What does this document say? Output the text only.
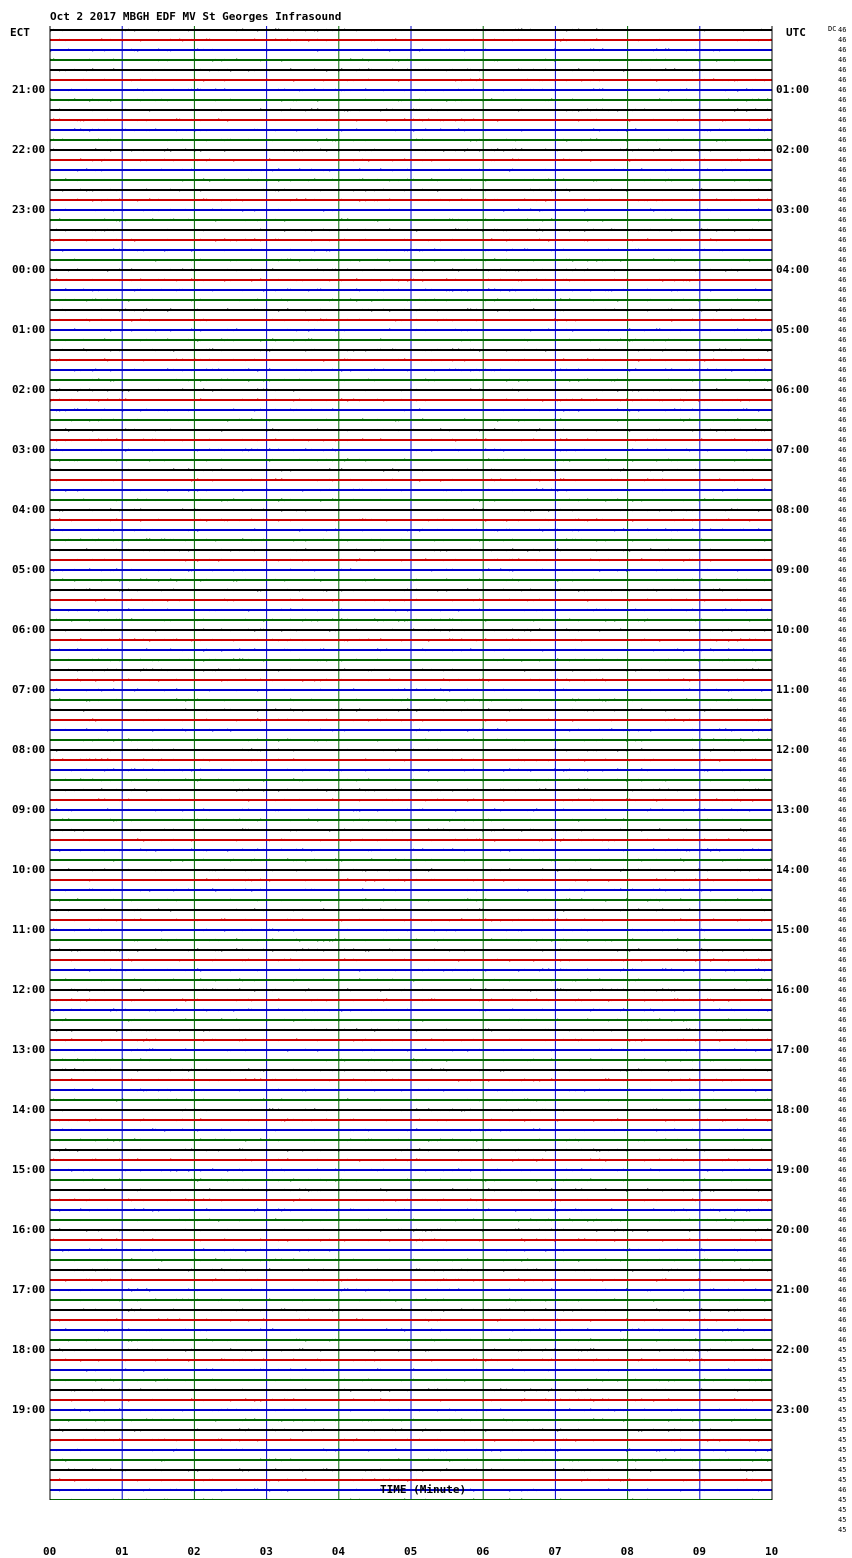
Oct 2 2017 MBGH EDF MV St Georges Infrasound
ECT	UTC	DC
TIME (Minute)
00	01	02	03	04	05	06	07	08	09	10
21:00
22:00
23:00
00:00
01:00
02:00
03:00
04:00
05:00
06:00
07:00
08:00
09:00
10:00
11:00
12:00
13:00
14:00
15:00
16:00
17:00
18:00
19:00
01:00
02:00
03:00
04:00
05:00
06:00
07:00
08:00
09:00
10:00
11:00
12:00
13:00
14:00
15:00
16:00
17:00
18:00
19:00
20:00
21:00
22:00
23:00
46
46
46
46
46
46
46
46
46
46
46
46
46
46
46
46
46
46
46
46
46
46
46
46
46
46
46
46
46
46
46
46
46
46
46
46
46
46
46
46
46
46
46
46
46
46
46
46
46
46
46
46
46
46
46
46
46
46
46
46
46
46
46
46
46
46
46
46
46
46
46
46
46
46
46
46
46
46
46
46
46
46
46
46
46
46
46
46
46
46
46
46
46
46
46
46
46
46
46
46
46
46
46
46
46
46
46
46
46
46
46
46
46
46
46
46
46
46
46
46
46
46
46
46
46
46
46
46
46
46
46
46
45
45
45
45
45
45
45
45
45
45
45
45
45
45
46
45
45
45
45
